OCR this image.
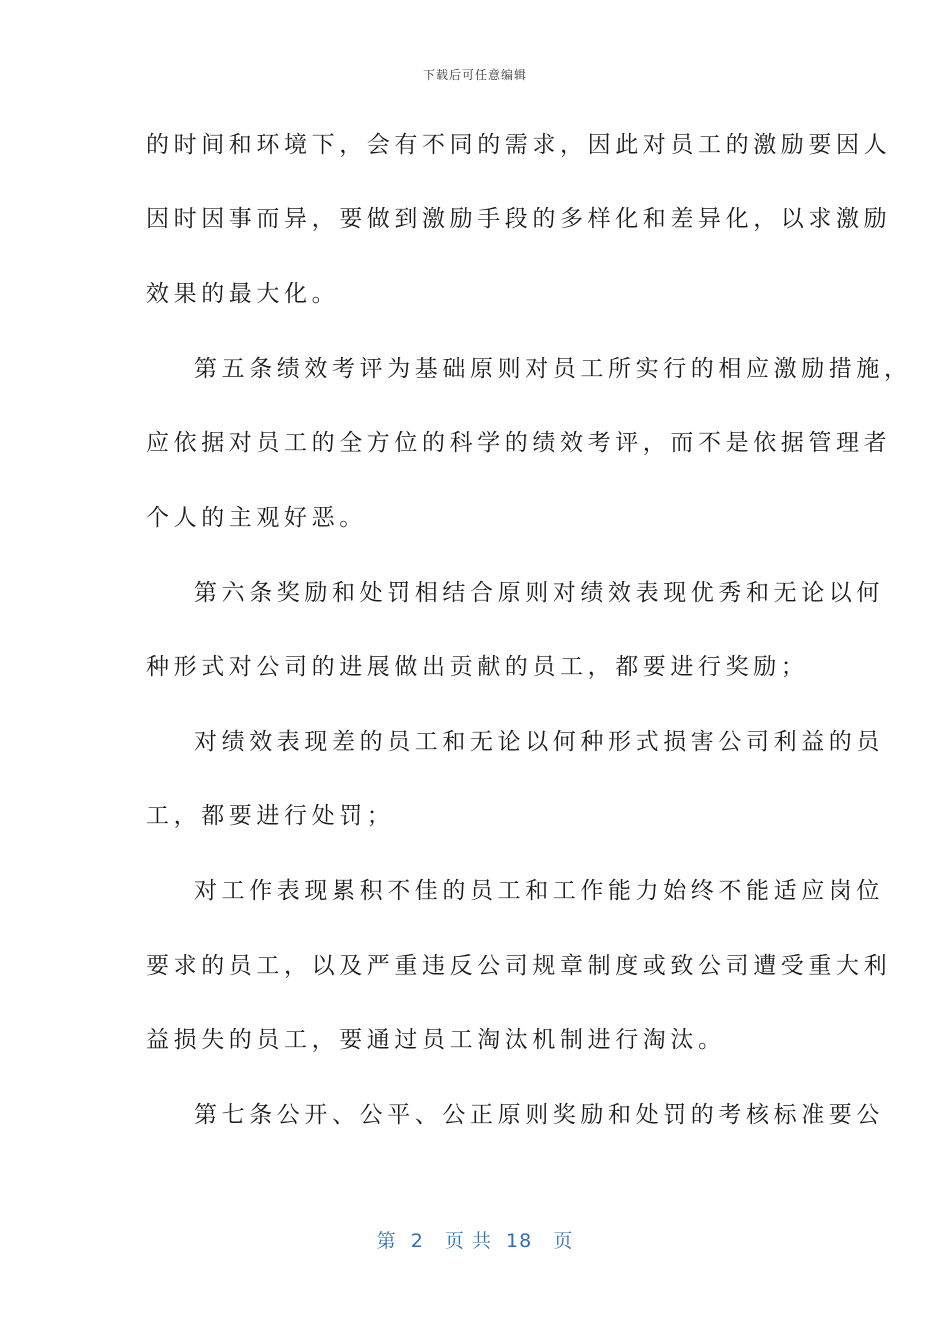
下载后可任意编辑
的时间和环境下，会有不同的需求，因此对员工的激励要因人
因时因事而异，要做到激励手段的多样化和差异化，以求激励
效果的最大化。
第五条绩效考评为基础原则对员工所实行的相应激励措施，
应依据对员工的全方位的科学的绩效考评，而不是依据管理者
个人的主观好恶。
第六条奖励和处罚相结合原则对绩效表现优秀和无论以何
种形式对公司的进展做出贡献的员工，都要进行奖励；
对绩效表现差的员工和无论以何种形式损害公司利益的员
工，都要进行处罚；
对工作表现累积不佳的员工和工作能力始终不能适应岗位
要求的员工，以及严重违反公司规章制度或致公司遭受重大利
益损失的员工，要通过员工淘汰机制进行淘汰。
第七条公开、公平、公正原则奖励和处罚的考核标准要公
第  2   页 共  18   页
